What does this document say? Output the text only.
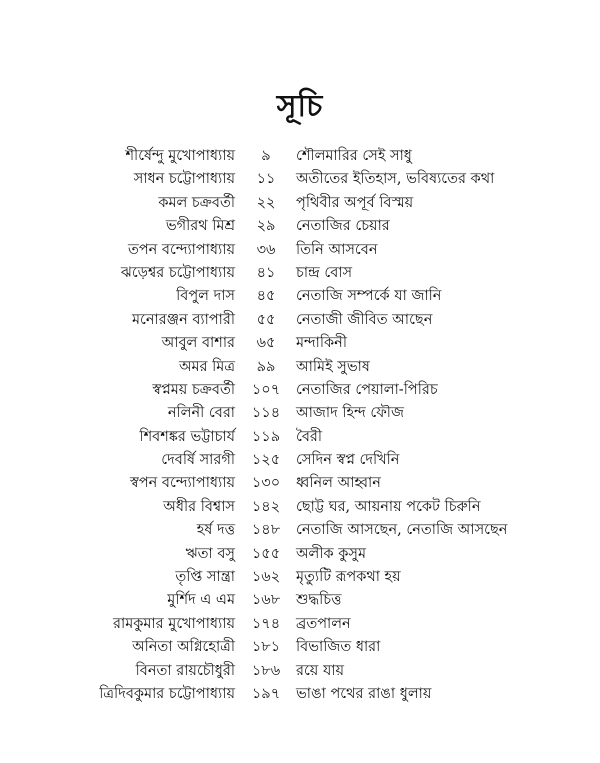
সূচি
শীর্ষেন্দু মুখোপাধ্যায়	৯	শৌলমারির সেই সাধু
সাধন চট্টোপাধ্যায়	১১	অতীতের ইতিহাস, ভবিষ্যতের কথা
কমল চক্রবর্তী	২২	পৃথিবীর অপূর্ব বিস্ময়
ভগীরথ মিশ্র	২৯	নেতাজির চেয়ার
তপন বন্দ্যোপাধ্যায়	৩৬	তিনি আসবেন
ঝড়েশ্বর চট্টোপাধ্যায়	৪১	চান্দ্র বোস
বিপুল দাস	৪৫	নেতাজি সম্পর্কে যা জানি
মনোরঞ্জন ব্যাপারী	৫৫	নেতাজী জীবিত আছেন
আবুল বাশার	৬৫	মন্দাকিনী
অমর মিত্র	৯৯	আমিই সুভাষ
স্বপ্নময় চক্রবর্তী	১০৭	নেতাজির পেয়ালা-পিরিচ
নলিনী বেরা	১১৪	আজাদ হিন্দ ফৌজ
শিবশঙ্কর ভট্টাচার্য	১১৯	বৈরী
দেবর্ষি সারগী	১২৫	সেদিন স্বপ্ন দেখিনি
স্বপন বন্দ্যোপাধ্যায়	১৩০	ধ্বনিল আহ্বান
অধীর বিশ্বাস	১৪২	ছোট্ট ঘর, আয়নায় পকেট চিরুনি
হর্ষ দত্ত	১৪৮	নেতাজি আসছেন, নেতাজি আসছেন
ঋতা বসু	১৫৫	অলীক কুসুম
তৃপ্তি সান্ত্রা	১৬২	মৃত্যুটি রূপকথা হয়
মুর্শিদ এ এম	১৬৮	শুদ্ধচিত্ত
রামকুমার মুখোপাধ্যায়	১৭৪	ব্রতপালন
অনিতা অগ্নিহোত্রী	১৮১	বিভাজিত ধারা
বিনতা রায়চৌধুরী	১৮৬	রয়ে যায়
ত্রিদিবকুমার চট্টোপাধ্যায়	১৯৭	ভাঙা পথের রাঙা ধুলায়
